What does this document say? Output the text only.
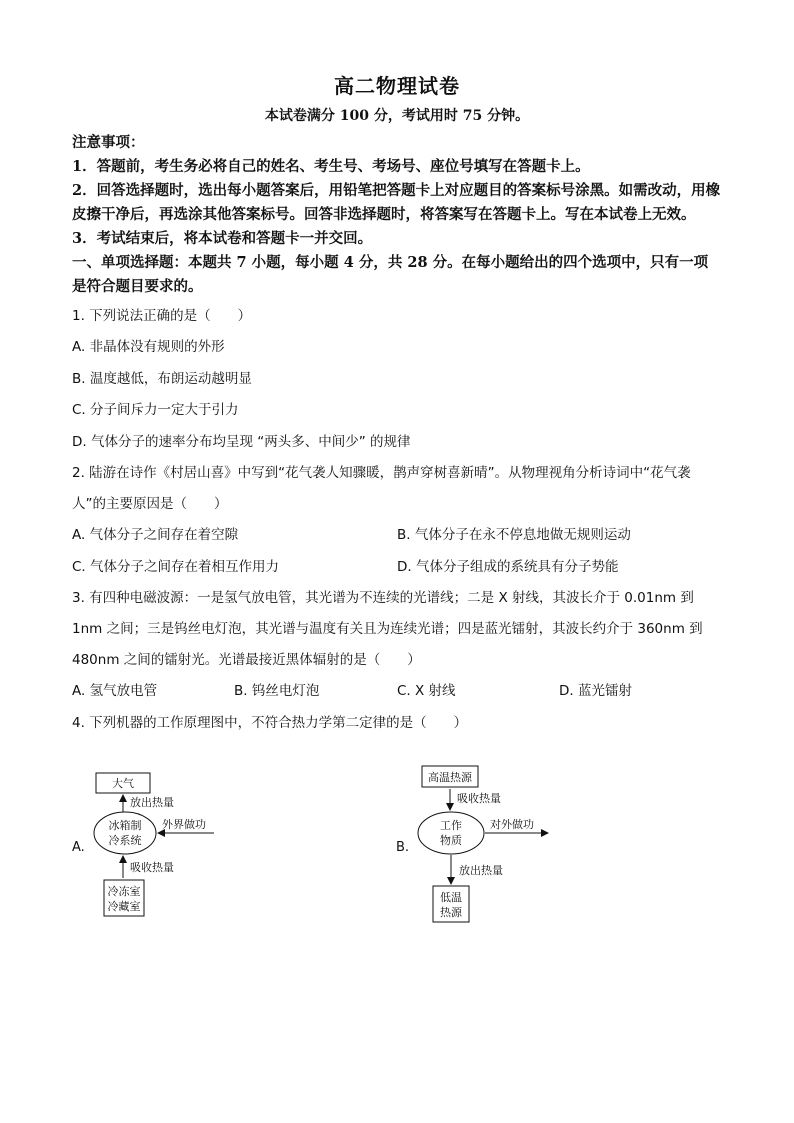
高二物理试卷
本试卷满分 100 分，考试用时 75 分钟。
注意事项：
1．答题前，考生务必将自己的姓名、考生号、考场号、座位号填写在答题卡上。
2．回答选择题时，选出每小题答案后，用铅笔把答题卡上对应题目的答案标号涂黑。如需改动，用橡皮擦干净后，再选涂其他答案标号。回答非选择题时，将答案写在答题卡上。写在本试卷上无效。
3．考试结束后，将本试卷和答题卡一并交回。
一、单项选择题：本题共 7 小题，每小题 4 分，共 28 分。在每小题给出的四个选项中，只有一项是符合题目要求的。
1. 下列说法正确的是（　　）
A. 非晶体没有规则的外形
B. 温度越低，布朗运动越明显
C. 分子间斥力一定大于引力
D. 气体分子的速率分布均呈现 “两头多、中间少” 的规律
2. 陆游在诗作《村居山喜》中写到“花气袭人知骤暖，鹊声穿树喜新晴”。从物理视角分析诗词中“花气袭人”的主要原因是（　　）
A. 气体分子之间存在着空隙	B. 气体分子在永不停息地做无规则运动
C. 气体分子之间存在着相互作用力	D. 气体分子组成的系统具有分子势能
3. 有四种电磁波源：一是氢气放电管，其光谱为不连续的光谱线；二是 X 射线，其波长介于 0.01nm 到 1nm 之间；三是钨丝电灯泡，其光谱与温度有关且为连续光谱；四是蓝光镭射，其波长约介于 360nm 到 480nm 之间的镭射光。光谱最接近黑体辐射的是（　　）
A. 氢气放电管	B. 钨丝电灯泡	C. X 射线	D. 蓝光镭射
4. 下列机器的工作原理图中，不符合热力学第二定律的是（　　）
A.
大气
放出热量
冰箱制
冷系统
外界做功
吸收热量
冷冻室
冷藏室
B.
高温热源
吸收热量
工作
物质
对外做功
放出热量
低温
热源
